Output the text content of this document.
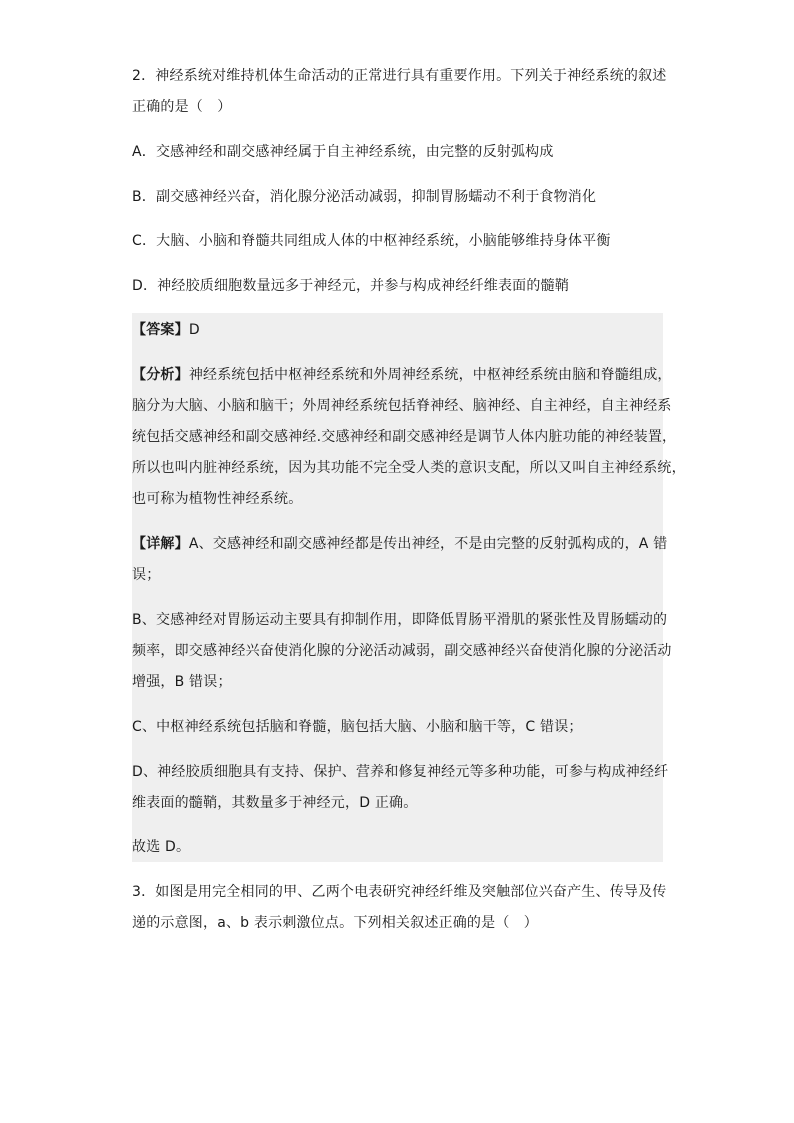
2．神经系统对维持机体生命活动的正常进行具有重要作用。下列关于神经系统的叙述
正确的是（　）
A．交感神经和副交感神经属于自主神经系统，由完整的反射弧构成
B．副交感神经兴奋，消化腺分泌活动减弱，抑制胃肠蠕动不利于食物消化
C．大脑、小脑和脊髓共同组成人体的中枢神经系统，小脑能够维持身体平衡
D．神经胶质细胞数量远多于神经元，并参与构成神经纤维表面的髓鞘
【答案】D
【分析】神经系统包括中枢神经系统和外周神经系统，中枢神经系统由脑和脊髓组成，
脑分为大脑、小脑和脑干；外周神经系统包括脊神经、脑神经、自主神经，自主神经系
统包括交感神经和副交感神经.交感神经和副交感神经是调节人体内脏功能的神经装置，
所以也叫内脏神经系统，因为其功能不完全受人类的意识支配，所以又叫自主神经系统，
也可称为植物性神经系统。
【详解】A、交感神经和副交感神经都是传出神经，不是由完整的反射弧构成的，A 错
误；
B、交感神经对胃肠运动主要具有抑制作用，即降低胃肠平滑肌的紧张性及胃肠蠕动的
频率，即交感神经兴奋使消化腺的分泌活动减弱，副交感神经兴奋使消化腺的分泌活动
增强，B 错误；
C、中枢神经系统包括脑和脊髓，脑包括大脑、小脑和脑干等，C 错误；
D、神经胶质细胞具有支持、保护、营养和修复神经元等多种功能，可参与构成神经纤
维表面的髓鞘，其数量多于神经元，D 正确。
故选 D。
3．如图是用完全相同的甲、乙两个电表研究神经纤维及突触部位兴奋产生、传导及传
递的示意图，a、b 表示刺激位点。下列相关叙述正确的是（　）
